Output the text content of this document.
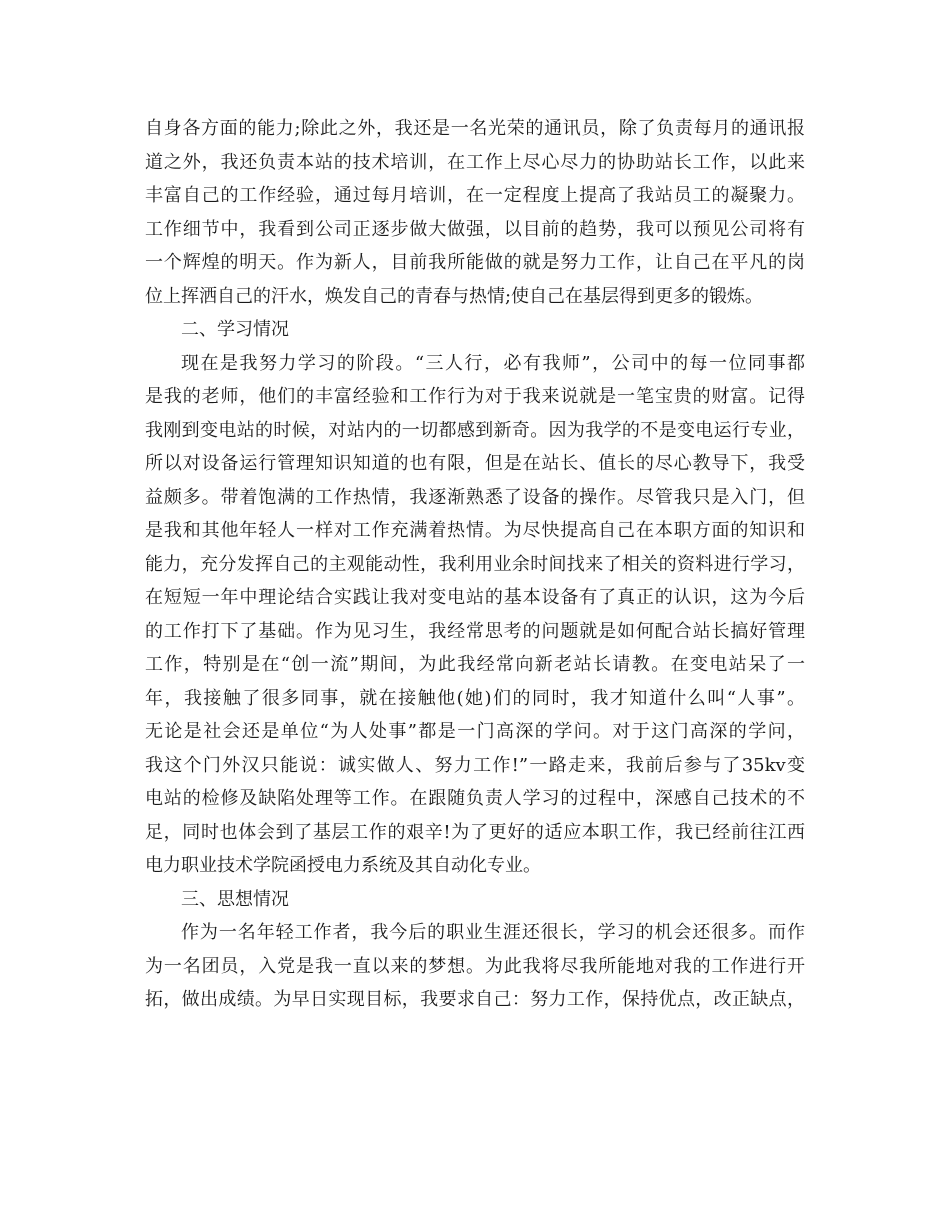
自身各方面的能力;除此之外，我还是一名光荣的通讯员，除了负责每月的通讯报
道之外，我还负责本站的技术培训，在工作上尽心尽力的协助站长工作，以此来
丰富自己的工作经验，通过每月培训，在一定程度上提高了我站员工的凝聚力。
工作细节中，我看到公司正逐步做大做强，以目前的趋势，我可以预见公司将有
一个辉煌的明天。作为新人，目前我所能做的就是努力工作，让自己在平凡的岗
位上挥洒自己的汗水，焕发自己的青春与热情;使自己在基层得到更多的锻炼。
二、学习情况
现在是我努力学习的阶段。“三人行，必有我师”，公司中的每一位同事都
是我的老师，他们的丰富经验和工作行为对于我来说就是一笔宝贵的财富。记得
我刚到变电站的时候，对站内的一切都感到新奇。因为我学的不是变电运行专业，
所以对设备运行管理知识知道的也有限，但是在站长、值长的尽心教导下，我受
益颇多。带着饱满的工作热情，我逐渐熟悉了设备的操作。尽管我只是入门，但
是我和其他年轻人一样对工作充满着热情。为尽快提高自己在本职方面的知识和
能力，充分发挥自己的主观能动性，我利用业余时间找来了相关的资料进行学习，
在短短一年中理论结合实践让我对变电站的基本设备有了真正的认识，这为今后
的工作打下了基础。作为见习生，我经常思考的问题就是如何配合站长搞好管理
工作，特别是在“创一流”期间，为此我经常向新老站长请教。在变电站呆了一
年，我接触了很多同事，就在接触他(她)们的同时，我才知道什么叫“人事”。
无论是社会还是单位“为人处事”都是一门高深的学问。对于这门高深的学问，
我这个门外汉只能说：诚实做人、努力工作!”一路走来，我前后参与了35kv变
电站的检修及缺陷处理等工作。在跟随负责人学习的过程中，深感自己技术的不
足，同时也体会到了基层工作的艰辛!为了更好的适应本职工作，我已经前往江西
电力职业技术学院函授电力系统及其自动化专业。
三、思想情况
作为一名年轻工作者，我今后的职业生涯还很长，学习的机会还很多。而作
为一名团员，入党是我一直以来的梦想。为此我将尽我所能地对我的工作进行开
拓，做出成绩。为早日实现目标，我要求自己：努力工作，保持优点，改正缺点，
